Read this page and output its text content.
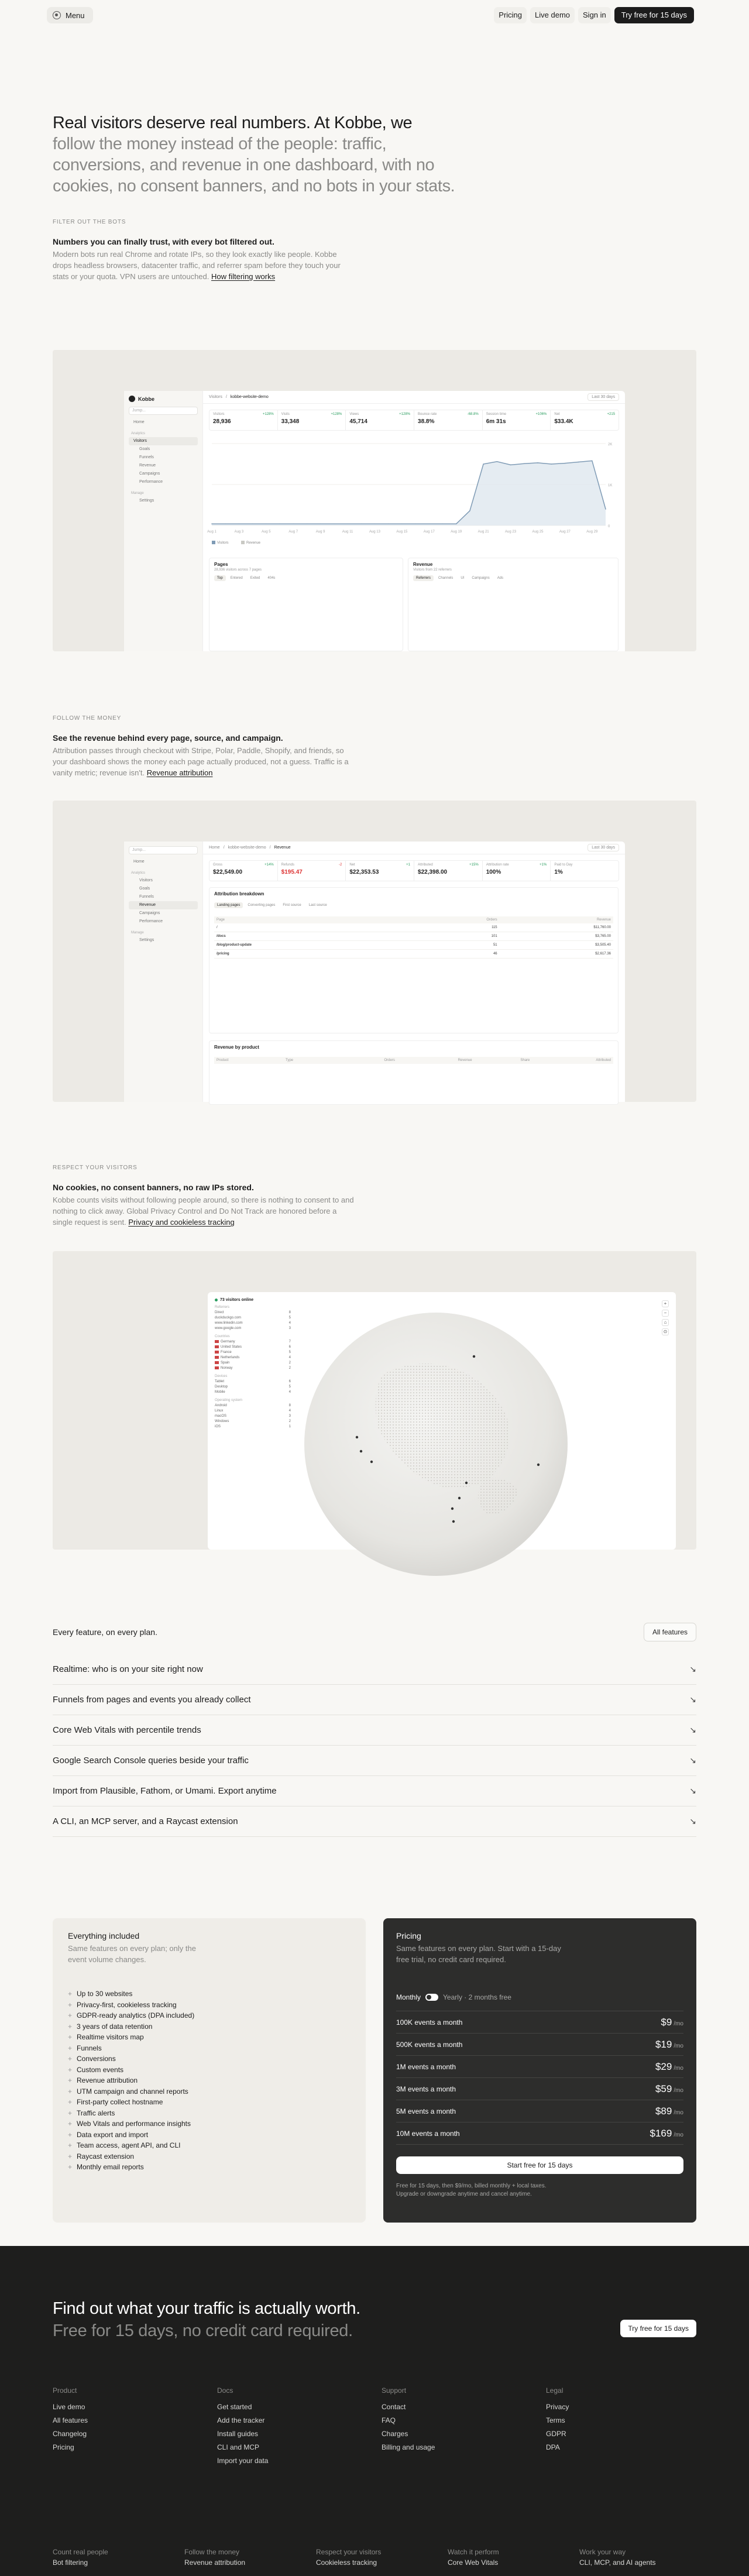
Menu	Pricing	Live demo	Sign in	Try free for 15 days
Real visitors deserve real numbers. At Kobbe, we
follow the money instead of the people: traffic, conversions, and revenue in one dashboard, with no cookies, no consent banners, and no bots in your stats.
FILTER OUT THE BOTS
Numbers you can finally trust, with every bot filtered out.
Modern bots run real Chrome and rotate IPs, so they look exactly like people. Kobbe drops headless browsers, datacenter traffic, and referrer spam before they touch your stats or your quota. VPN users are untouched. How filtering works
Kobbe
Jump...
Home
Analytics
Visitors
Goals
Funnels
Revenue
Campaigns
Performance
Manage
Settings
Visitors / kobbe-website-demo	Last 30 days
Visitors	+128%
28,936
Visits	+128%
33,348
Views	+128%
45,714
Bounce rate	-68.8%
38.8%
Session time	+106%
6m 31s
Net	+215
$33.4K
2K
1K
0
Aug 1	Aug 3	Aug 5	Aug 7	Aug 9	Aug 11	Aug 13	Aug 15	Aug 17	Aug 19	Aug 21	Aug 23	Aug 25	Aug 27	Aug 29
Visitors	Revenue
Pages
28,936 visitors across 7 pages
Top	Entered	Exited	404s
Revenue
Visitors from 22 referrers
Referrers	Channels	UI	Campaigns	Ads
FOLLOW THE MONEY
See the revenue behind every page, source, and campaign.
Attribution passes through checkout with Stripe, Polar, Paddle, Shopify, and friends, so your dashboard shows the money each page actually produced, not a guess. Traffic is a vanity metric; revenue isn't. Revenue attribution
Jump...
Home
Analytics
Visitors
Goals
Funnels
Revenue
Campaigns
Performance
Manage
Settings
Home / kobbe-website-demo / Revenue	Last 30 days
Gross	+14%
$22,549.00
Refunds	-2
$195.47
Net	+1
$22,353.53
Attributed	+15%
$22,398.00
Attribution rate	+1%
100%
Paid to Day
1%
Attribution breakdown
Landing pages	Converting pages	First source	Last source
Page	Orders	Revenue
/	115	$11,760.00
/docs	101	$3,765.00
/blog/product-update	51	$3,505.40
/pricing	46	$2,617.36
Revenue by product
Product	Type	Orders	Revenue	Share	Attributed
RESPECT YOUR VISITORS
No cookies, no consent banners, no raw IPs stored.
Kobbe counts visits without following people around, so there is nothing to consent to and nothing to click away. Global Privacy Control and Do Not Track are honored before a single request is sent. Privacy and cookieless tracking
73 visitors online
Referrers
Direct	8
duckduckgo.com	5
www.linkedin.com	4
www.google.com	3
Countries
Germany	7
United States	6
France	5
Netherlands	4
Spain	2
Norway	2
Devices
Tablet	6
Desktop	5
Mobile	4
Operating system
Android	8
Linux	4
macOS	3
Windows	2
iOS	1
+
−
⌂
⊙
Every feature, on every plan.	All features
Realtime: who is on your site right now	↘
Funnels from pages and events you already collect	↘
Core Web Vitals with percentile trends	↘
Google Search Console queries beside your traffic	↘
Import from Plausible, Fathom, or Umami. Export anytime	↘
A CLI, an MCP server, and a Raycast extension	↘
Everything included
Same features on every plan; only the event volume changes.
+ Up to 30 websites
+ Privacy-first, cookieless tracking
+ GDPR-ready analytics (DPA included)
+ 3 years of data retention
+ Realtime visitors map
+ Funnels
+ Conversions
+ Custom events
+ Revenue attribution
+ UTM campaign and channel reports
+ First-party collect hostname
+ Traffic alerts
+ Web Vitals and performance insights
+ Data export and import
+ Team access, agent API, and CLI
+ Raycast extension
+ Monthly email reports
Pricing
Same features on every plan. Start with a 15-day free trial, no credit card required.
Monthly	Yearly · 2 months free
100K events a month	$9 /mo
500K events a month	$19 /mo
1M events a month	$29 /mo
3M events a month	$59 /mo
5M events a month	$89 /mo
10M events a month	$169 /mo
Start free for 15 days
Free for 15 days, then $9/mo, billed monthly + local taxes.
Upgrade or downgrade anytime and cancel anytime.
Find out what your traffic is actually worth.
Free for 15 days, no credit card required.	Try free for 15 days
Product
Live demo
All features
Changelog
Pricing
Docs
Get started
Add the tracker
Install guides
CLI and MCP
Import your data
Support
Contact
FAQ
Charges
Billing and usage
Legal
Privacy
Terms
GDPR
DPA
Count real people
Bot filtering
Follow the money
Revenue attribution
Respect your visitors
Cookieless tracking
Watch it perform
Core Web Vitals
Work your way
CLI, MCP, and AI agents
